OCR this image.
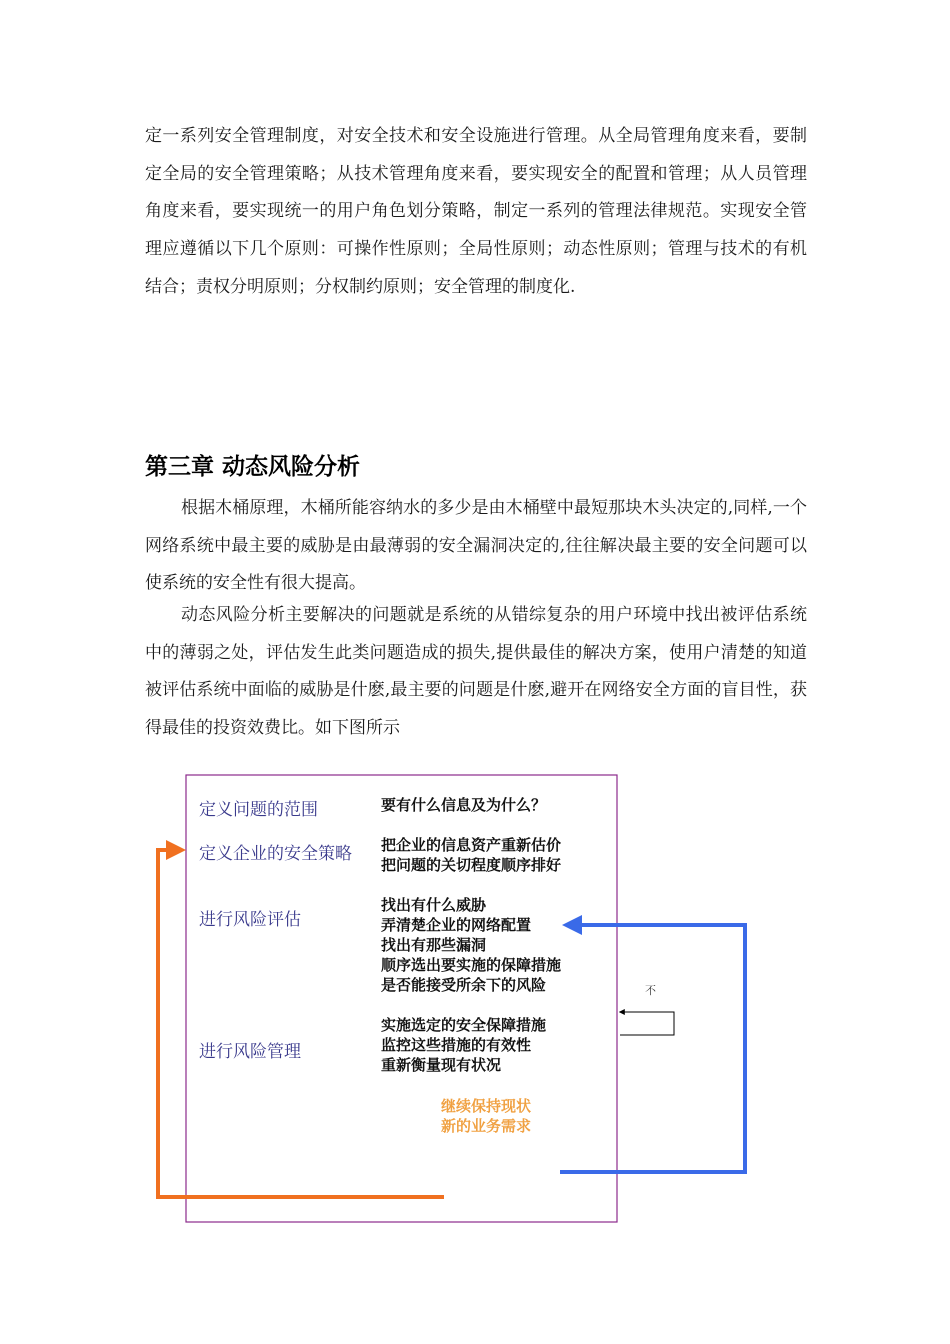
定一系列安全管理制度，对安全技术和安全设施进行管理。从全局管理角度来看，要制定全局的安全管理策略；从技术管理角度来看，要实现安全的配置和管理；从人员管理角度来看，要实现统一的用户角色划分策略，制定一系列的管理法律规范。实现安全管理应遵循以下几个原则：可操作性原则；全局性原则；动态性原则；管理与技术的有机结合；责权分明原则；分权制约原则；安全管理的制度化.
第三章 动态风险分析
根据木桶原理，木桶所能容纳水的多少是由木桶壁中最短那块木头决定的,同样,一个网络系统中最主要的威胁是由最薄弱的安全漏洞决定的,往往解决最主要的安全问题可以使系统的安全性有很大提高。
动态风险分析主要解决的问题就是系统的从错综复杂的用户环境中找出被评估系统中的薄弱之处，评估发生此类问题造成的损失,提供最佳的解决方案，使用户清楚的知道被评估系统中面临的威胁是什麽,最主要的问题是什麽,避开在网络安全方面的盲目性，获得最佳的投资效费比。如下图所示
定义问题的范围	要有什么信息及为什么？
定义企业的安全策略 把企业的信息资产重新估价
把问题的关切程度顺序排好
进行风险评估
找出有什么威胁
弄清楚企业的网络配置
找出有那些漏洞
顺序选出要实施的保障措施
是否能接受所余下的风险	不
进行风险管理
实施选定的安全保障措施
监控这些措施的有效性
重新衡量现有状况
继续保持现状
新的业务需求
